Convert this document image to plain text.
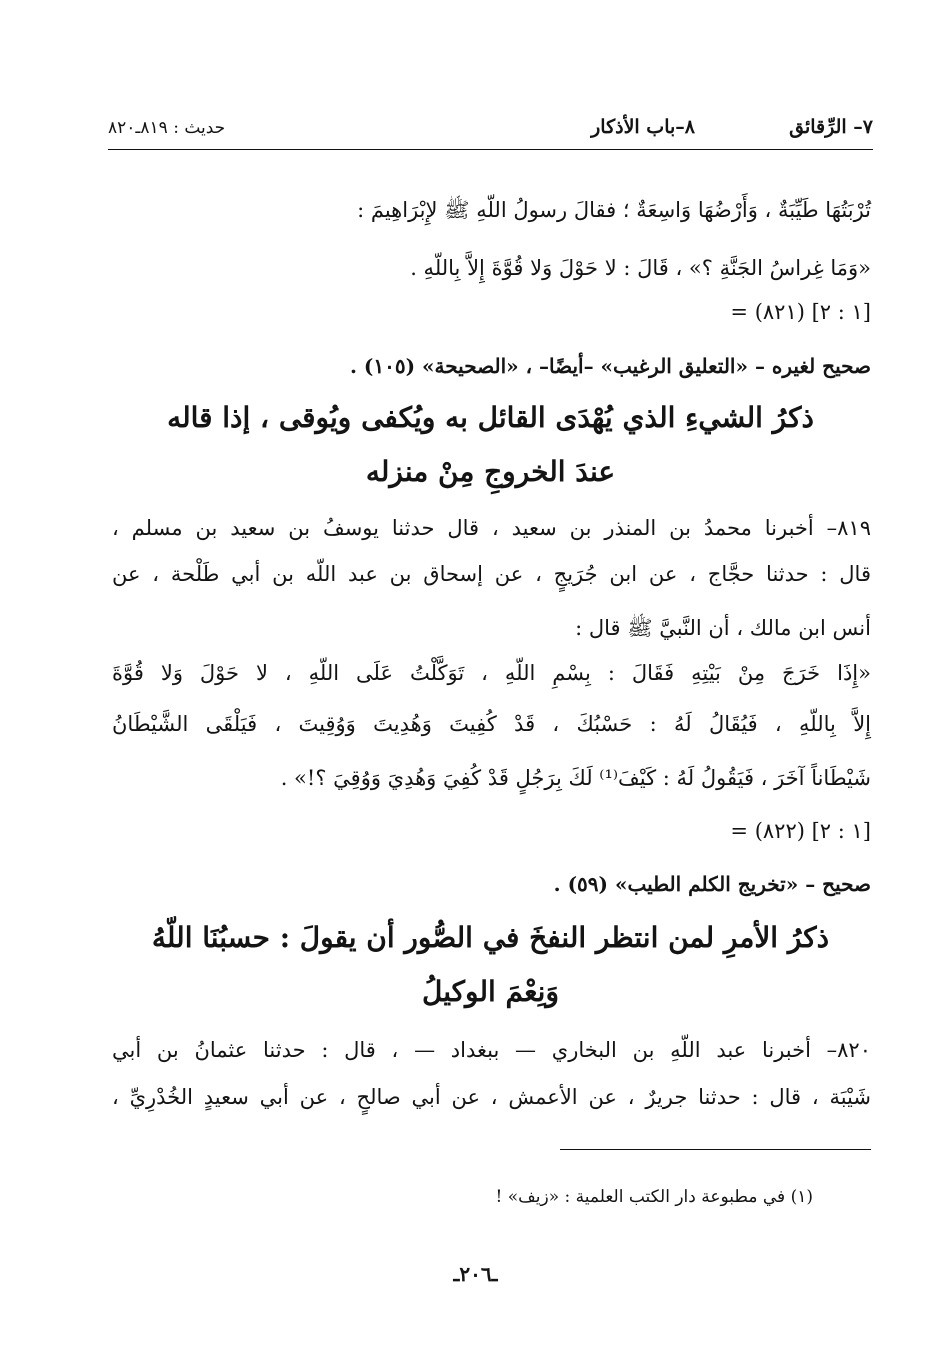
٧– الرِّقائق
٨–باب الأذكار
حديث : ٨١٩ـ٨٢٠
تُرْبَتُهَا طَيِّبَةٌ ، وَأَرْضُهَا وَاسِعَةٌ ؛ فقالَ رسولُ اللّهِ ﷺ لإِبْرَاهِيمَ :
«وَمَا غِراسُ الجَنَّةِ ؟» ، قَالَ : لا حَوْلَ وَلا قُوَّةَ إِلاَّ بِاللّهِ .
= (٨٢١) [١ : ٢]
صحيح لغيره – «التعليق الرغيب» –أيضًا– ، «الصحيحة» (١٠٥) .
ذكرُ الشيءِ الذي يُهْدَى القائل به ويُكفى ويُوقى ، إذا قاله
عندَ الخروجِ مِنْ منزله
٨١٩– أخبرنا محمدُ بن المنذر بن سعيد ، قال حدثنا يوسفُ بن سعيد بن مسلم ،
قال : حدثنا حجَّاج ، عن ابن جُرَيجٍ ، عن إسحاق بن عبد اللّه بن أبي طَلْحة ، عن
أنس ابن مالك ، أن النَّبيَّ ﷺ قال :
«إِذَا خَرَجَ مِنْ بَيْتِهِ فَقَالَ : بِسْمِ اللّهِ ، تَوَكَّلْتُ عَلَى اللّهِ ، لا حَوْلَ وَلا قُوَّةَ
إِلاَّ بِاللّهِ ، فَيُقَالُ لَهُ : حَسْبُكَ ، قَدْ كُفِيتَ وَهُدِيتَ وَوُقِيتَ ، فَيَلْقَى الشَّيْطَانُ
شَيْطَاناً آخَرَ ، فَيَقُولُ لَهُ : كَيْفَ⁽¹⁾ لَكَ بِرَجُلٍ قَدْ كُفِيَ وَهُدِيَ وَوُقِيَ ؟!» .
= (٨٢٢) [١ : ٢]
صحيح – «تخريج الكلم الطيب» (٥٩) .
ذكرُ الأمرِ لمن انتظر النفخَ في الصُّور أن يقولَ : حسبُنَا اللّهُ
وَنِعْمَ الوكيلُ
٨٢٠– أخبرنا عبد اللّهِ بن البخاري — ببغداد — ، قال : حدثنا عثمانُ بن أبي
شَيْبَة ، قال : حدثنا جريرٌ ، عن الأعمش ، عن أبي صالحٍ ، عن أبي سعيدٍ الخُدْرِيِّ ،
(١) في مطبوعة دار الكتب العلمية : «زيف» !
ـ٢٠٦ـ
